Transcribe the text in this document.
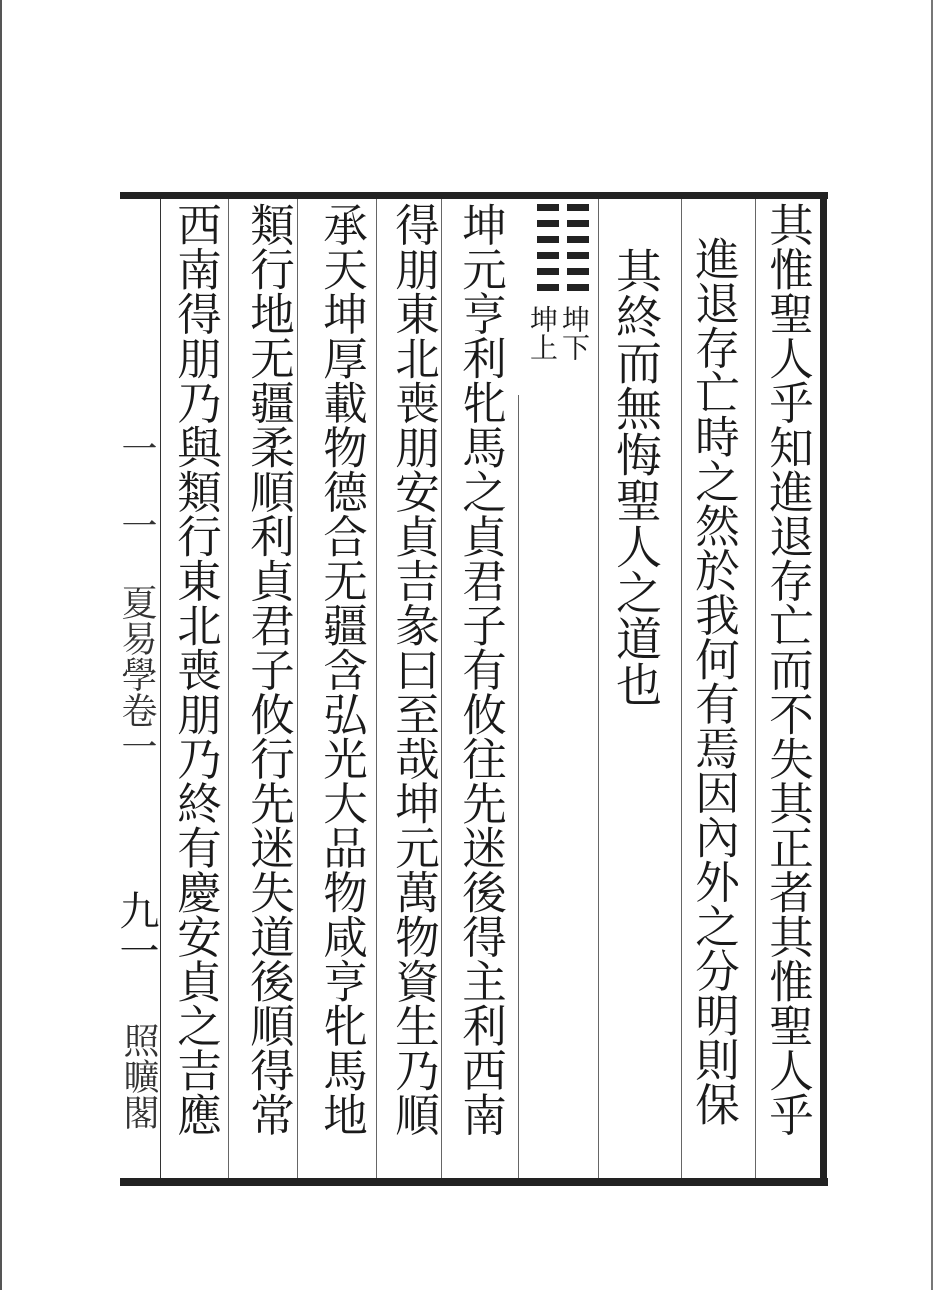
其惟聖人乎知進退存亡而不失其正者其惟聖人乎
進退存亡時之然於我何有焉因內外之分明則保
其終而無悔聖人之道也
坤元亨利牝馬之貞君子有攸往先迷後得主利西南
得朋東北喪朋安貞吉彖曰至哉坤元萬物資生乃順
承天坤厚載物德合无疆含弘光大品物咸亨牝馬地
類行地无疆柔順利貞君子攸行先迷失道後順得常
西南得朋乃與類行東北喪朋乃終有慶安貞之吉應	坤下
坤上
一 一 夏易學卷一
九一
照曠閣
